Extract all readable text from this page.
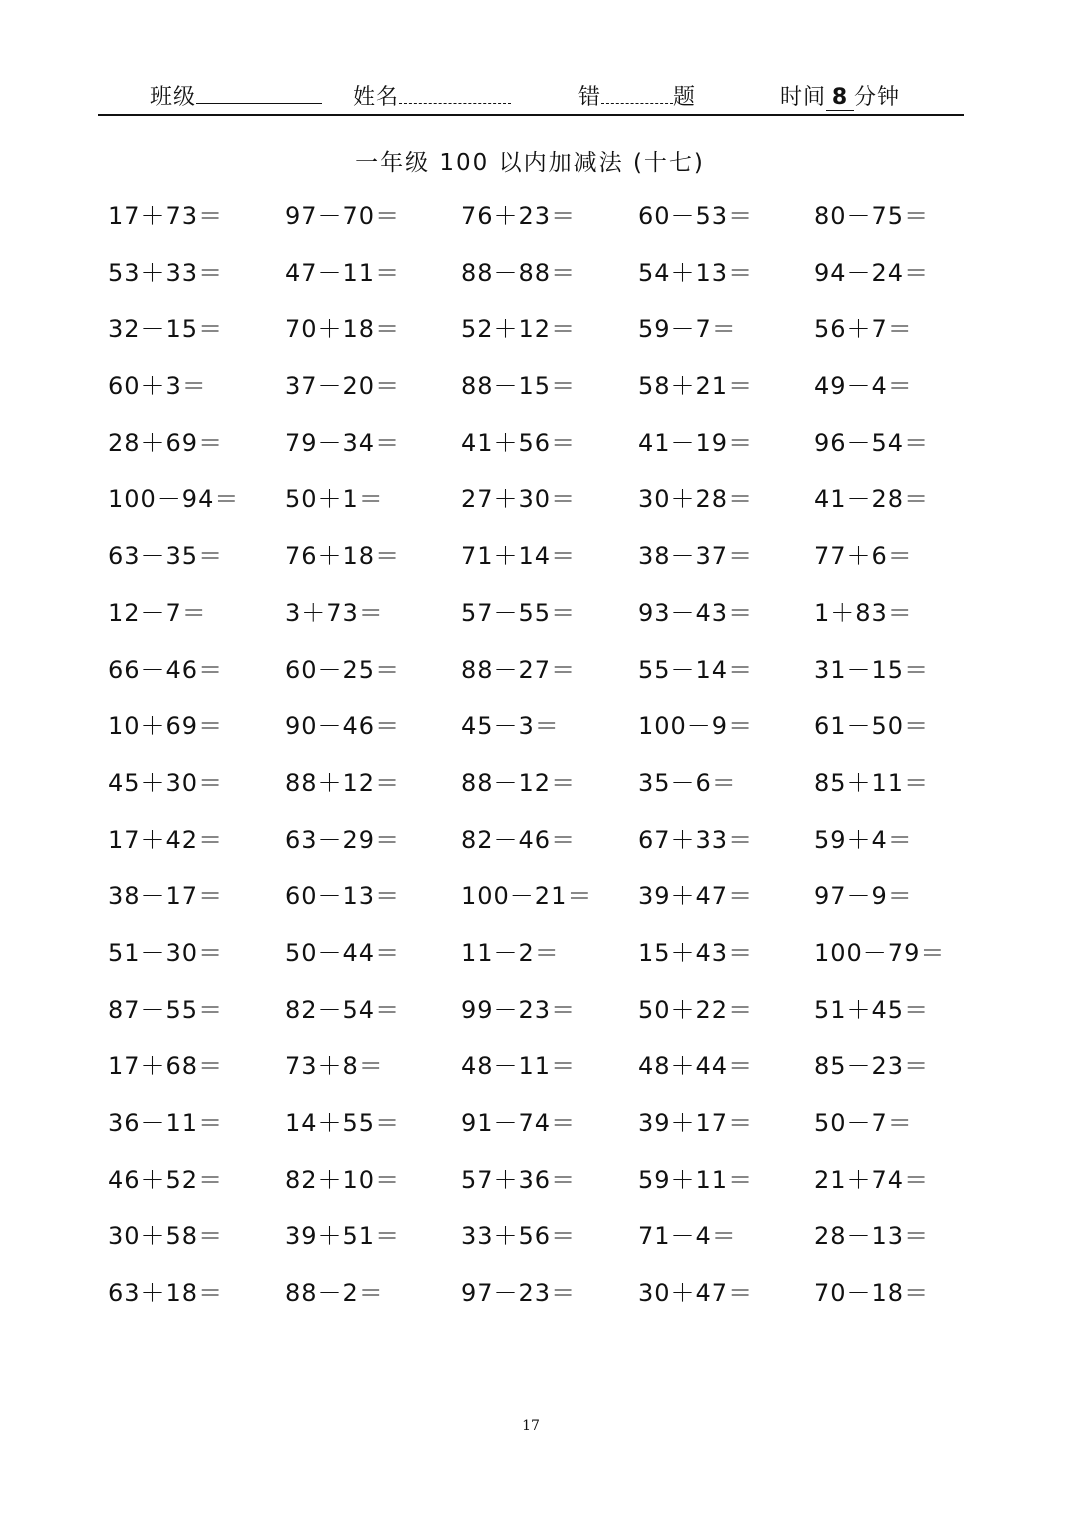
班级	姓名	错	题	时间 8 分钟
一年级 100 以内加减法 (十七)
17＋73＝	97－70＝	76＋23＝	60－53＝	80－75＝
53＋33＝	47－11＝	88－88＝	54＋13＝	94－24＝
32－15＝	70＋18＝	52＋12＝	59－7＝	56＋7＝
60＋3＝	37－20＝	88－15＝	58＋21＝	49－4＝
28＋69＝	79－34＝	41＋56＝	41－19＝	96－54＝
100－94＝ 50＋1＝	27＋30＝	30＋28＝	41－28＝
63－35＝	76＋18＝	71＋14＝	38－37＝	77＋6＝
12－7＝	3＋73＝	57－55＝	93－43＝	1＋83＝
66－46＝	60－25＝	88－27＝	55－14＝	31－15＝
10＋69＝	90－46＝	45－3＝	100－9＝	61－50＝
45＋30＝	88＋12＝	88－12＝	35－6＝	85＋11＝
17＋42＝	63－29＝	82－46＝	67＋33＝	59＋4＝
38－17＝	60－13＝	100－21＝ 39＋47＝	97－9＝
51－30＝	50－44＝	11－2＝	15＋43＝	100－79＝
87－55＝	82－54＝	99－23＝	50＋22＝	51＋45＝
17＋68＝	73＋8＝	48－11＝	48＋44＝	85－23＝
36－11＝	14＋55＝	91－74＝	39＋17＝	50－7＝
46＋52＝	82＋10＝	57＋36＝	59＋11＝	21＋74＝
30＋58＝	39＋51＝	33＋56＝	71－4＝	28－13＝
63＋18＝	88－2＝	97－23＝	30＋47＝	70－18＝
17
